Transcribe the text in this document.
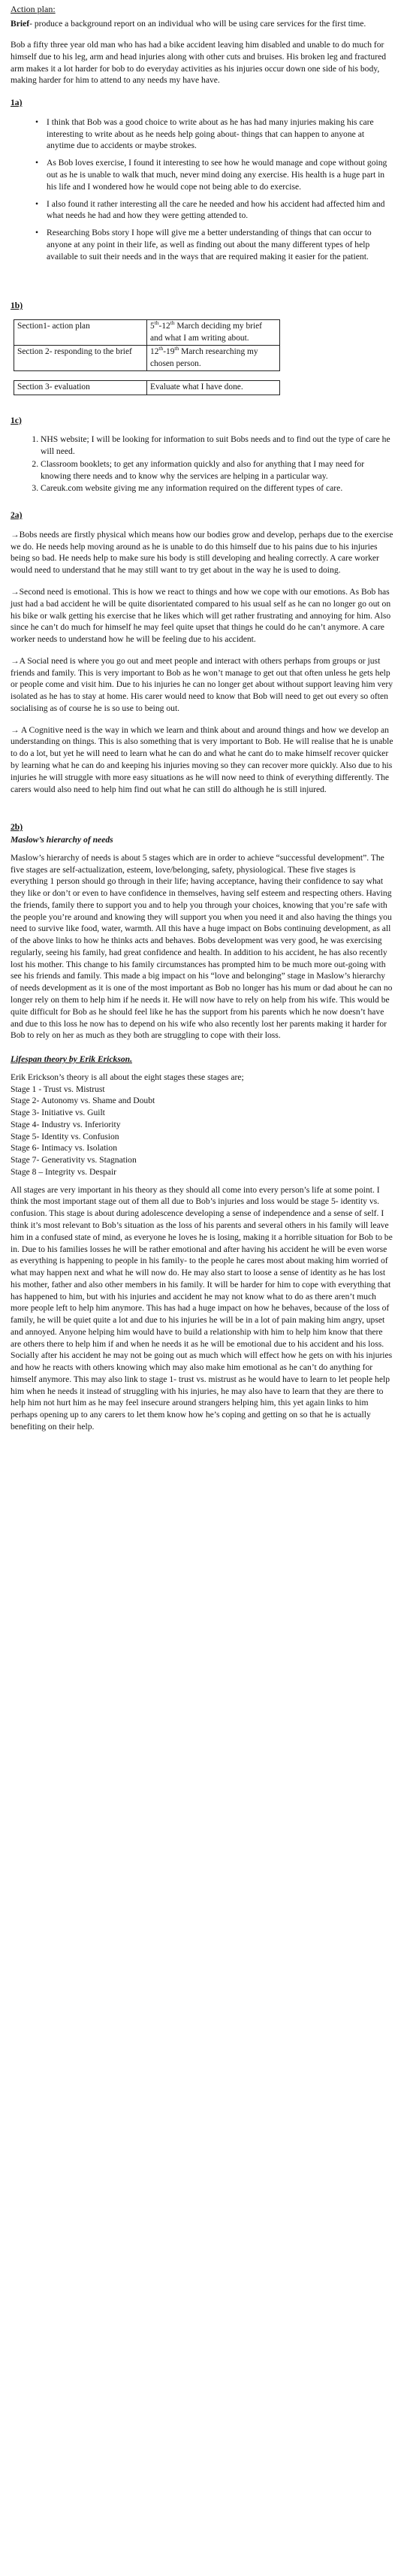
Action plan:

Brief- produce a background report on an individual who will be using care services for the first time.

Bob a fifty three year old man who has had a bike accident leaving him disabled and unable to do much for himself due to his leg, arm and head injuries along with other cuts and bruises. His broken leg and fractured arm makes it a lot harder for bob to do everyday activities as his injuries occur down one side of his body, making harder for him to attend to any needs my have have.

1a)
• I think that Bob was a good choice to write about as he has had many injuries making his care interesting to write about as he needs help going about- things that can happen to anyone at anytime due to accidents or maybe strokes.
• As Bob loves exercise, I found it interesting to see how he would manage and cope without going out as he is unable to walk that much, never mind doing any exercise. His health is a huge part in his life and I wondered how he would cope not being able to do exercise.
• I also found it rather interesting all the care he needed and how his accident had affected him and what needs he had and how they were getting attended to.
• Researching Bobs story I hope will give me a better understanding of things that can occur to anyone at any point in their life, as well as finding out about the many different types of help available to suit their needs and in the ways that are required making it easier for the patient.
1b)
Section1- action plan	5th-12th March deciding my brief and what I am writing about.
Section 2- responding to the brief	12th-19th March researching my chosen person.

Section 3- evaluation	Evaluate what I have done.
1c)
1. NHS website; I will be looking for information to suit Bobs needs and to find out the type of care he will need.
2. Classroom booklets; to get any information quickly and also for anything that I may need for knowing there needs and to know why the services are helping in a particular way.
3. Careuk.com website giving me any information required on the different types of care.
2a)

→Bobs needs are firstly physical which means how our bodies grow and develop, perhaps due to the exercise we do. He needs help moving around as he is unable to do this himself due to his pains due to his injuries being so bad. He needs help to make sure his body is still developing and healing correctly. A care worker would need to understand that he may still want to try get about in the way he is used to doing.

→Second need is emotional. This is how we react to things and how we cope with our emotions. As Bob has just had a bad accident he will be quite disorientated compared to his usual self as he can no longer go out on his bike or walk getting his exercise that he likes which will get rather frustrating and annoying for him. Also since he can’t do much for himself he may feel quite upset that things he could do he can’t anymore. A care worker needs to understand how he will be feeling due to his accident.

→A Social need is where you go out and meet people and interact with others perhaps from groups or just friends and family. This is very important to Bob as he won’t manage to get out that often unless he gets help or people come and visit him. Due to his injuries he can no longer get about without support leaving him very isolated as he has to stay at home. His carer would need to know that Bob will need to get out every so often socialising as of course he is so use to being out.

→ A Cognitive need is the way in which we learn and think about and around things and how we develop an understanding on things. This is also something that is very important to Bob. He will realise that he is unable to do a lot, but yet he will need to learn what he can do and what he cant do to make himself recover quicker by learning what he can do and keeping his injuries moving so they can recover more quickly. Also due to his injuries he will struggle with more easy situations as he will now need to think of everything differently. The carers would also need to help him find out what he can still do although he is still injured.

2b)
Maslow’s hierarchy of needs

Maslow’s hierarchy of needs is about 5 stages which are in order to achieve “successful development”. The five stages are self-actualization, esteem, love/belonging, safety, physiological. These five stages is everything 1 person should go through in their life; having acceptance, having their confidence to say what they like or don’t or even to have confidence in themselves, having self esteem and respecting others. Having the friends, family there to support you and to help you through your choices, knowing that you’re safe with the people you’re around and knowing they will support you when you need it and also having the things you need to survive like food, water, warmth. All this have a huge impact on Bobs continuing development, as all of the above links to how he thinks acts and behaves. Bobs development was very good, he was exercising regularly, seeing his family, had great confidence and health. In addition to his accident, he has also recently lost his mother. This change to his family circumstances has prompted him to be much more out-going with see his friends and family. This made a big impact on his “love and belonging” stage in Maslow’s hierarchy of needs development as it is one of the most important as Bob no longer has his mum or dad about he can no longer rely on them to help him if he needs it. He will now have to rely on help from his wife. This would be quite difficult for Bob as he should feel like he has the support from his parents which he now doesn’t have and due to this loss he now has to depend on his wife who also recently lost her parents making it harder for Bob to rely on her as much as they both are struggling to cope with their loss.

Lifespan theory by Erik Erickson.

Erik Erickson’s theory is all about the eight stages these stages are;

Stage 1 - Trust vs. Mistrust
Stage 2- Autonomy vs. Shame and Doubt
Stage 3- Initiative vs. Guilt
Stage 4- Industry vs. Inferiority
Stage 5- Identity vs. Confusion
Stage 6- Intimacy vs. Isolation
Stage 7- Generativity vs. Stagnation
Stage 8 – Integrity vs. Despair

All stages are very important in his theory as they should all come into every person’s life at some point. I think the most important stage out of them all due to Bob’s injuries and loss would be stage 5- identity vs. confusion. This stage is about during adolescence developing a sense of independence and a sense of self. I think it’s most relevant to Bob’s situation as the loss of his parents and several others in his family will leave him in a confused state of mind, as everyone he loves he is losing, making it a horrible situation for Bob to be in. Due to his families losses he will be rather emotional and after having his accident he will be even worse as everything is happening to people in his family- to the people he cares most about making him worried of what may happen next and what he will now do. He may also start to loose a sense of identity as he has lost his mother, father and also other members in his family. It will be harder for him to cope with everything that has happened to him, but with his injuries and accident he may not know what to do as there aren’t much more people left to help him anymore. This has had a huge impact on how he behaves, because of the loss of family, he will be quiet quite a lot and due to his injuries he will be in a lot of pain making him angry, upset and annoyed. Anyone helping him would have to build a relationship with him to help him know that there are others there to help him if and when he needs it as he will be emotional due to his accident and his loss. Socially after his accident he may not be going out as much which will effect how he gets on with his injuries and how he reacts with others knowing which may also make him emotional as he can’t do anything for himself anymore. This may also link to stage 1- trust vs. mistrust as he would have to learn to let people help him when he needs it instead of struggling with his injuries, he may also have to learn that they are there to help him not hurt him as he may feel insecure around strangers helping him, this yet again links to him perhaps opening up to any carers to let them know how he’s coping and getting on so that he is actually benefiting on their help.
